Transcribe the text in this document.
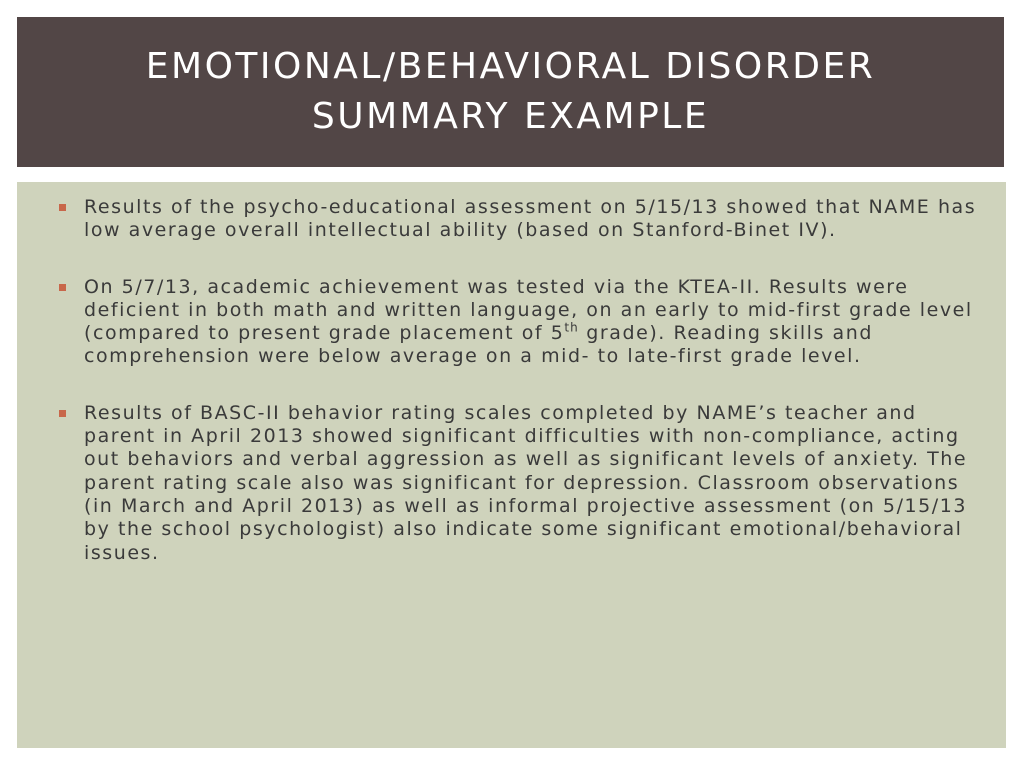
EMOTIONAL/BEHAVIORAL DISORDER
SUMMARY EXAMPLE
Results of the psycho-educational assessment on 5/15/13 showed that NAME has low average overall intellectual ability (based on Stanford-Binet IV).
On 5/7/13, academic achievement was tested via the KTEA-II. Results were deficient in both math and written language, on an early to mid-first grade level (compared to present grade placement of 5th grade). Reading skills and comprehension were below average on a mid- to late-first grade level.
Results of BASC-II behavior rating scales completed by NAME’s teacher and parent in April 2013 showed significant difficulties with non-compliance, acting out behaviors and verbal aggression as well as significant levels of anxiety. The parent rating scale also was significant for depression. Classroom observations (in March and April 2013) as well as informal projective assessment (on 5/15/13 by the school psychologist) also indicate some significant emotional/behavioral issues.
